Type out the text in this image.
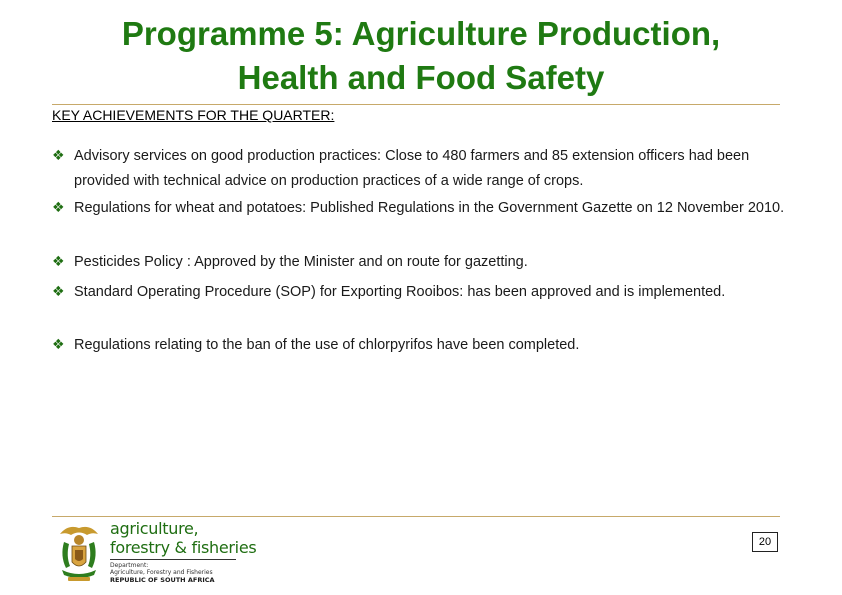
Programme 5: Agriculture Production,
Health and Food Safety
KEY ACHIEVEMENTS FOR THE QUARTER:
❖ Advisory services on good production practices: Close to 480 farmers and 85 extension officers had been provided with technical advice on production practices of a wide range of crops.
❖ Regulations for wheat and potatoes: Published Regulations in the Government Gazette on 12 November 2010.
❖ Pesticides Policy : Approved by the Minister and on route for gazetting.
❖ Standard Operating Procedure (SOP) for Exporting Rooibos: has been approved and is implemented.
❖ Regulations relating to the ban of the use of chlorpyrifos have been completed.
agriculture,
forestry & fisheries
Department:
Agriculture, Forestry and Fisheries
REPUBLIC OF SOUTH AFRICA
20
